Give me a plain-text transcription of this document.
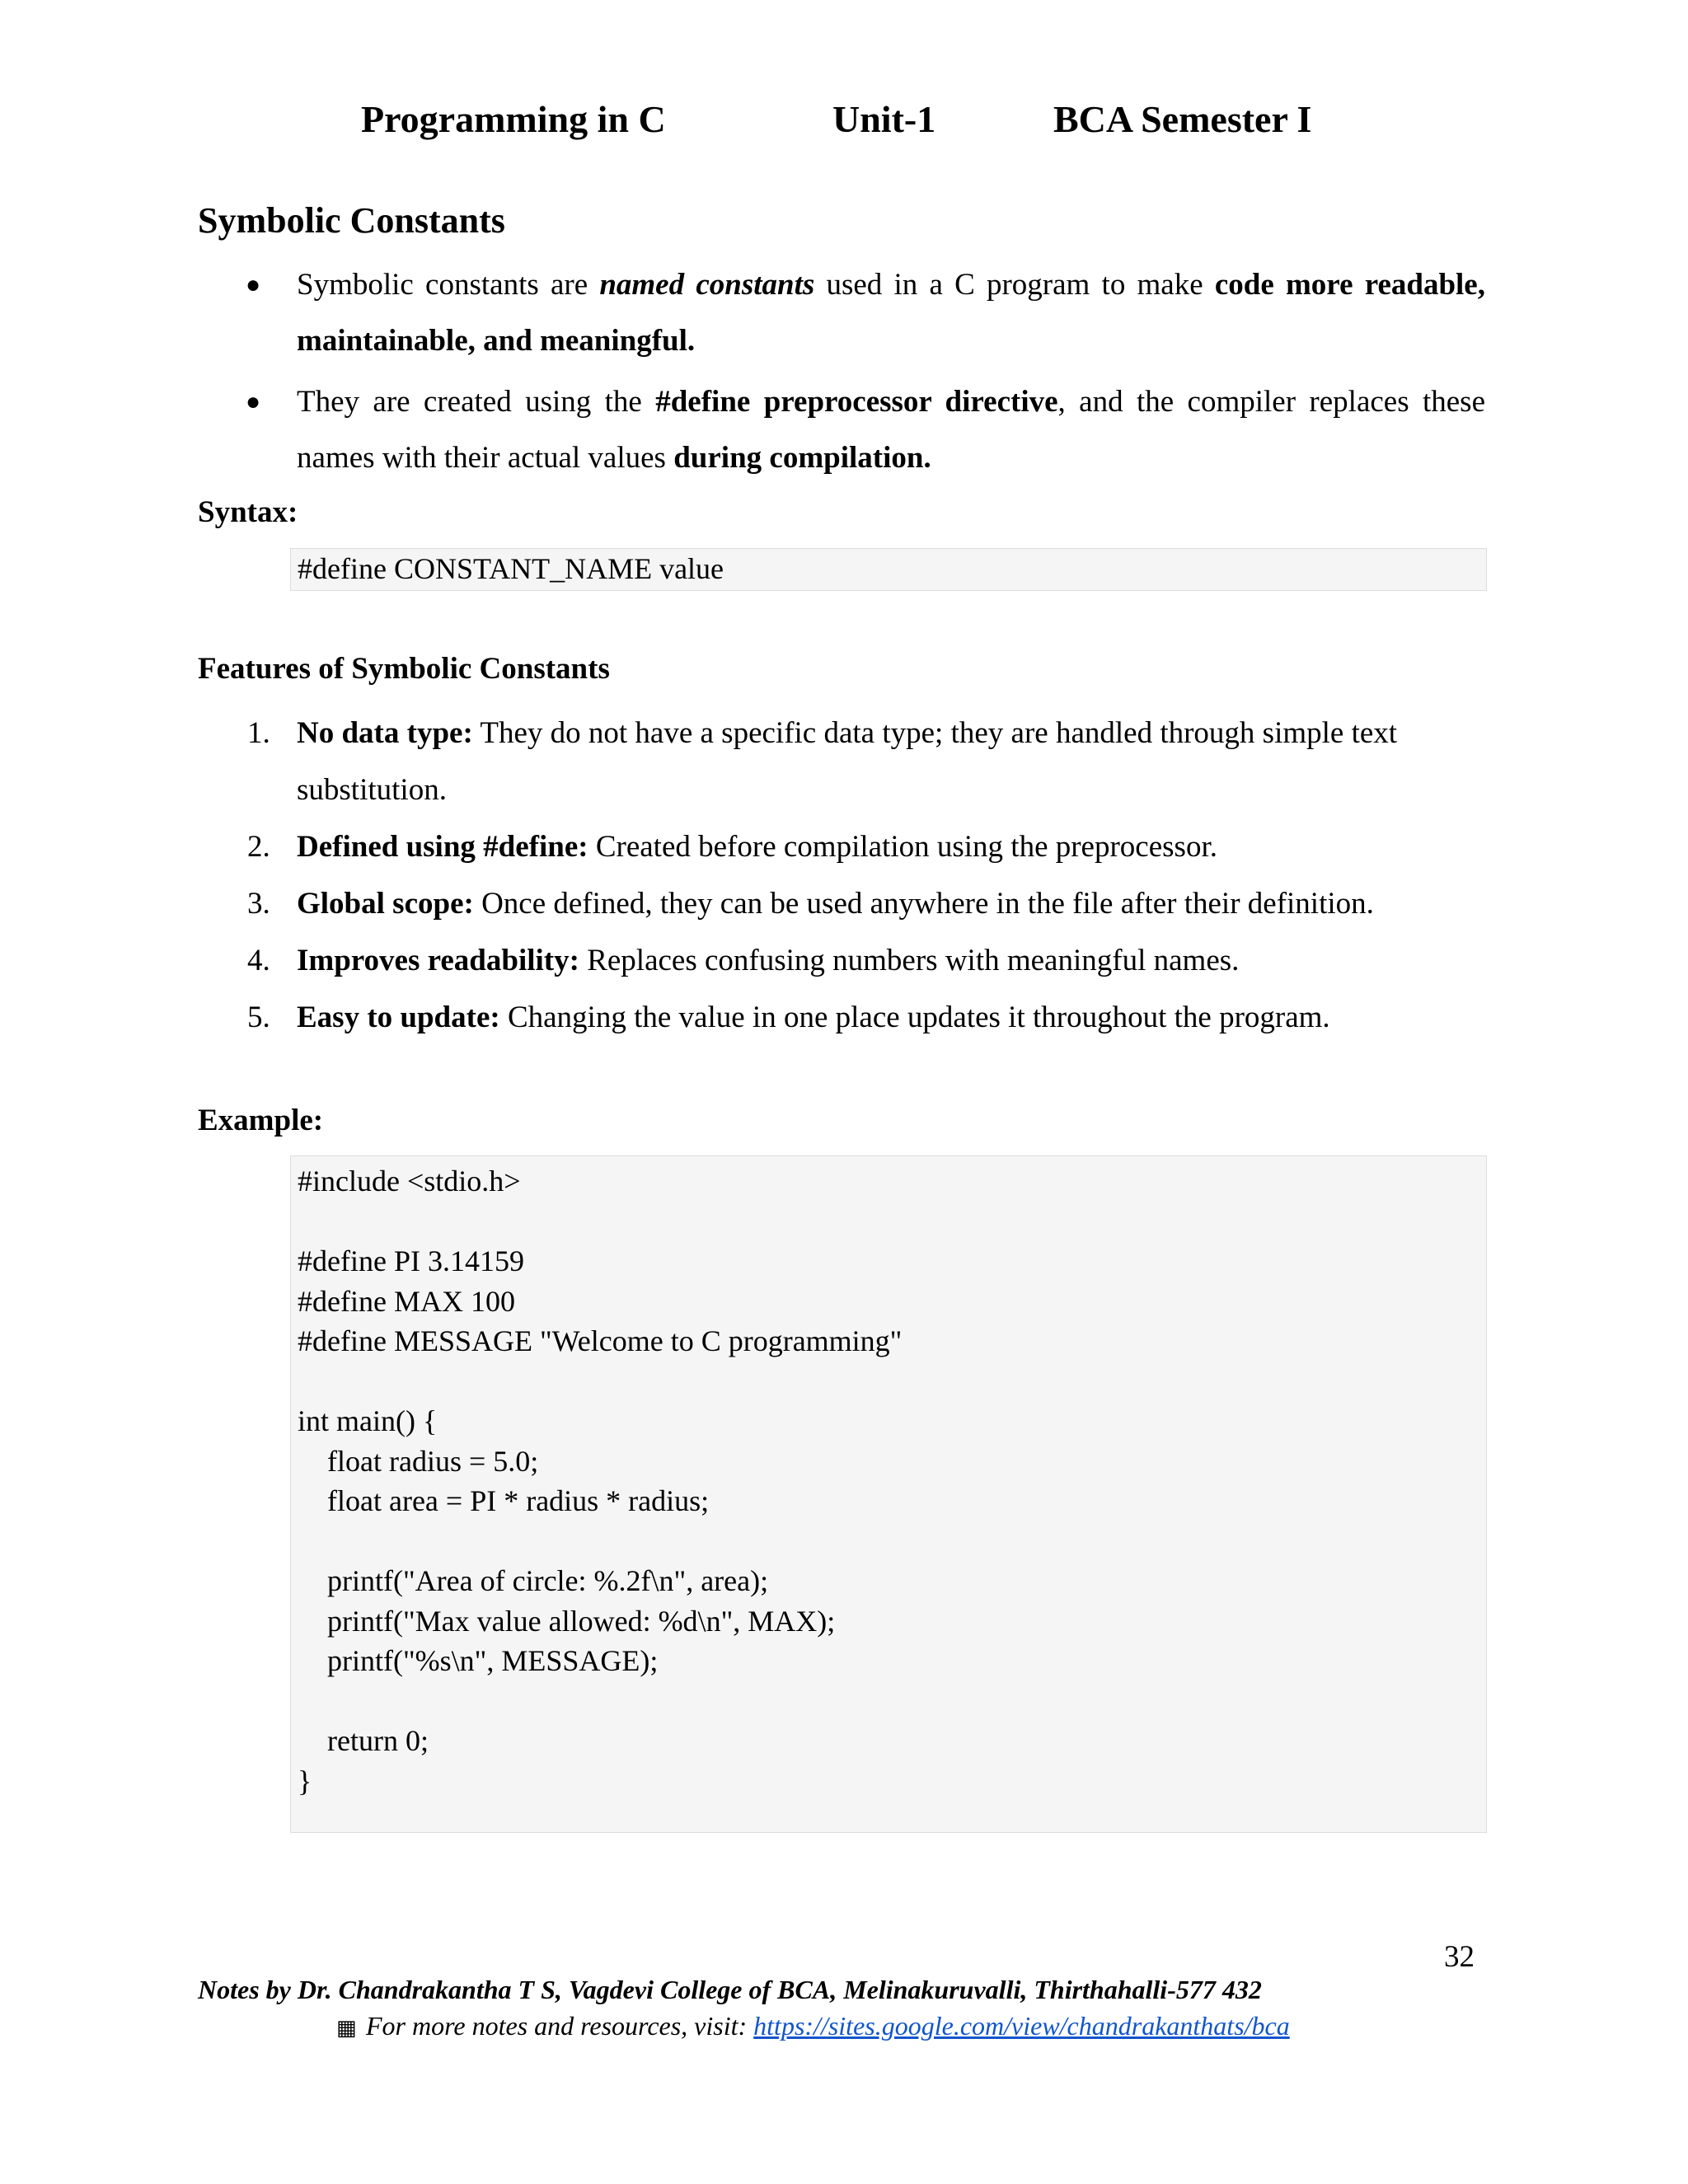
Programming in C	Unit-1	BCA Semester I
Symbolic Constants
● Symbolic constants are named constants used in a C program to make code more readable, maintainable, and meaningful.
● They are created using the #define preprocessor directive, and the compiler replaces these names with their actual values during compilation.
Syntax:
#define CONSTANT_NAME value
Features of Symbolic Constants
1. No data type: They do not have a specific data type; they are handled through simple text substitution.
2. Defined using #define: Created before compilation using the preprocessor.
3. Global scope: Once defined, they can be used anywhere in the file after their definition.
4. Improves readability: Replaces confusing numbers with meaningful names.
5. Easy to update: Changing the value in one place updates it throughout the program.
Example:
#include <stdio.h>
#define PI 3.14159
#define MAX 100
#define MESSAGE "Welcome to C programming"
int main() {
float radius = 5.0;
float area = PI * radius * radius;
printf("Area of circle: %.2f\n", area);
printf("Max value allowed: %d\n", MAX);
printf("%s\n", MESSAGE);
return 0;
}
32
Notes by Dr. Chandrakantha T S, Vagdevi College of BCA, Melinakuruvalli, Thirthahalli-577 432
▦ For more notes and resources, visit: https://sites.google.com/view/chandrakanthats/bca
